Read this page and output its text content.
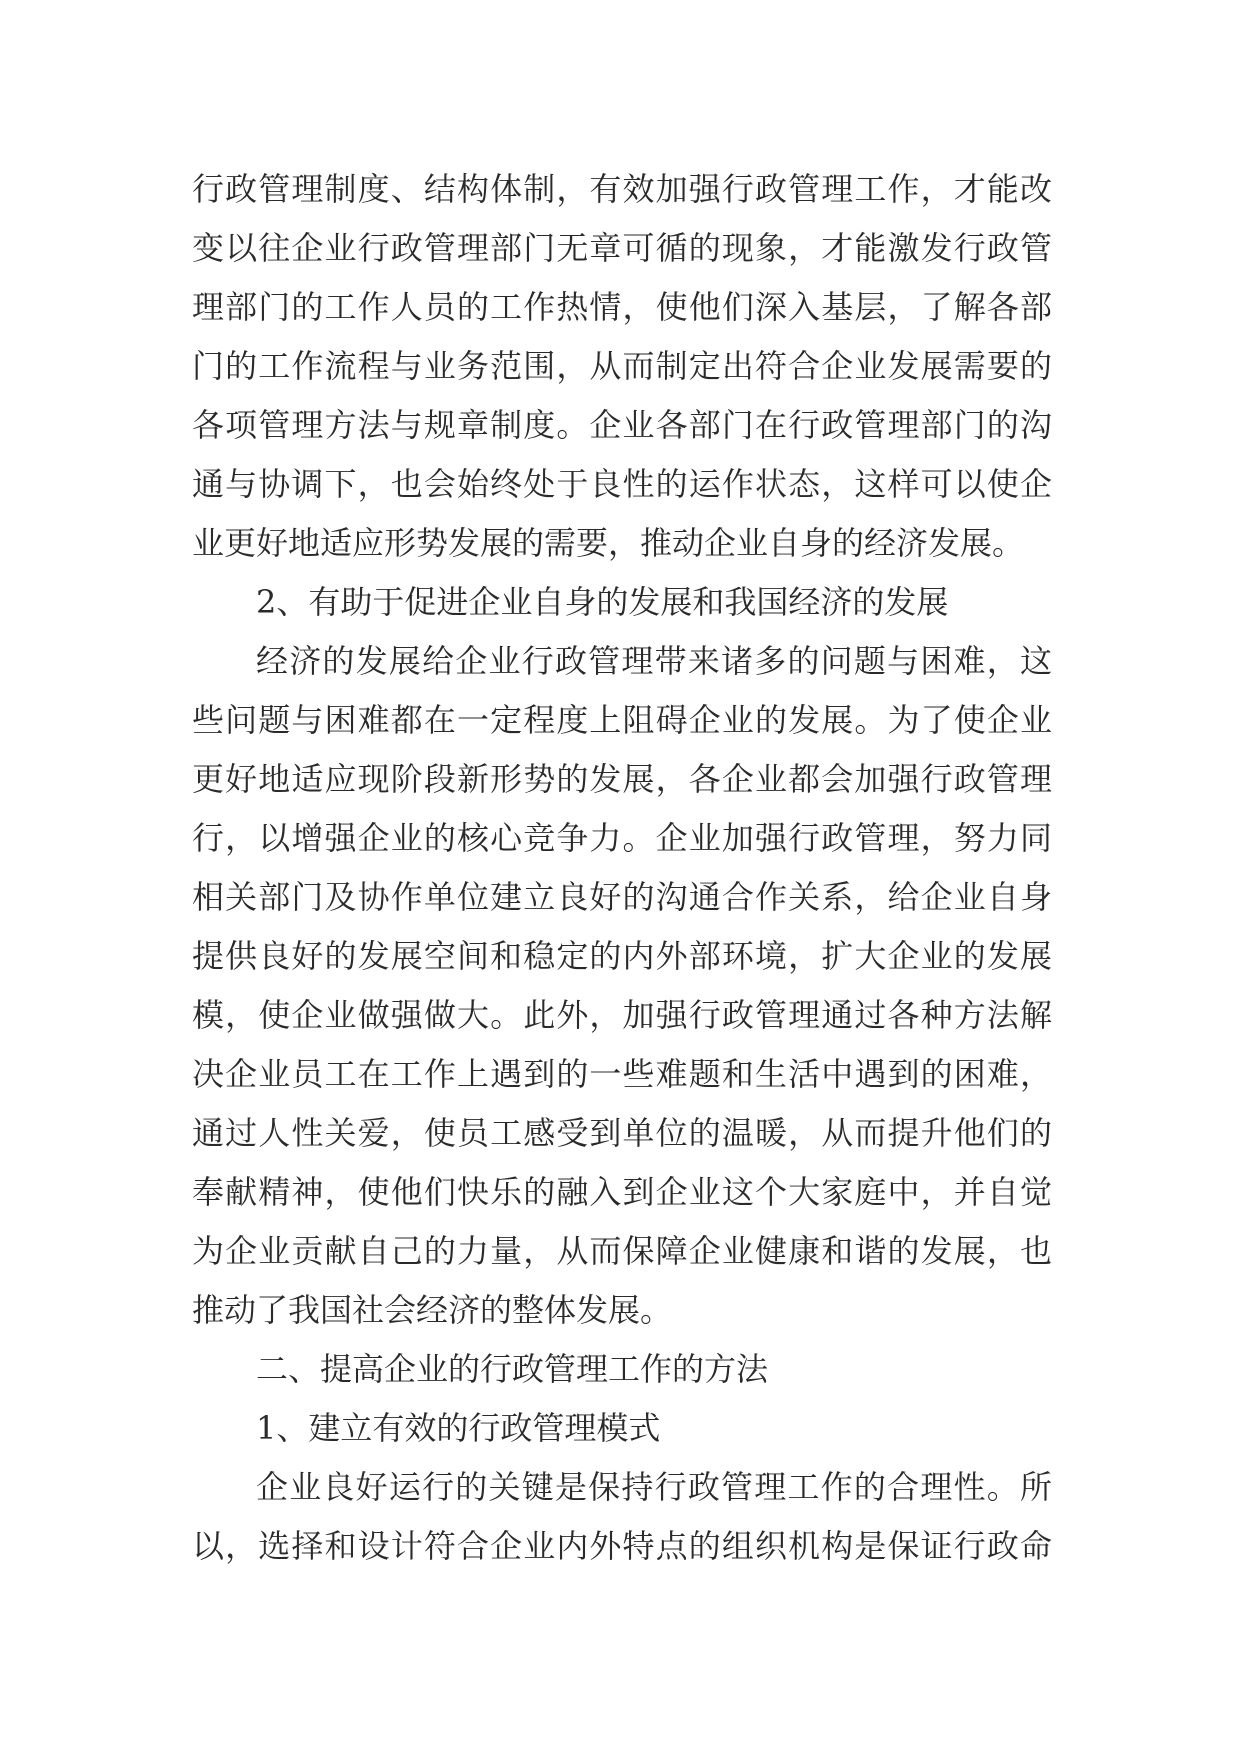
行政管理制度、结构体制，有效加强行政管理工作，才能改
变以往企业行政管理部门无章可循的现象，才能激发行政管
理部门的工作人员的工作热情，使他们深入基层，了解各部
门的工作流程与业务范围，从而制定出符合企业发展需要的
各项管理方法与规章制度。企业各部门在行政管理部门的沟
通与协调下，也会始终处于良性的运作状态，这样可以使企
业更好地适应形势发展的需要，推动企业自身的经济发展。
2、有助于促进企业自身的发展和我国经济的发展
经济的发展给企业行政管理带来诸多的问题与困难，这
些问题与困难都在一定程度上阻碍企业的发展。为了使企业
更好地适应现阶段新形势的发展，各企业都会加强行政管理
行，以增强企业的核心竞争力。企业加强行政管理，努力同
相关部门及协作单位建立良好的沟通合作关系，给企业自身
提供良好的发展空间和稳定的内外部环境，扩大企业的发展
模，使企业做强做大。此外，加强行政管理通过各种方法解
决企业员工在工作上遇到的一些难题和生活中遇到的困难，
通过人性关爱，使员工感受到单位的温暖，从而提升他们的
奉献精神，使他们快乐的融入到企业这个大家庭中，并自觉
为企业贡献自己的力量，从而保障企业健康和谐的发展，也
推动了我国社会经济的整体发展。
二、提高企业的行政管理工作的方法
1、建立有效的行政管理模式
企业良好运行的关键是保持行政管理工作的合理性。所
以，选择和设计符合企业内外特点的组织机构是保证行政命
